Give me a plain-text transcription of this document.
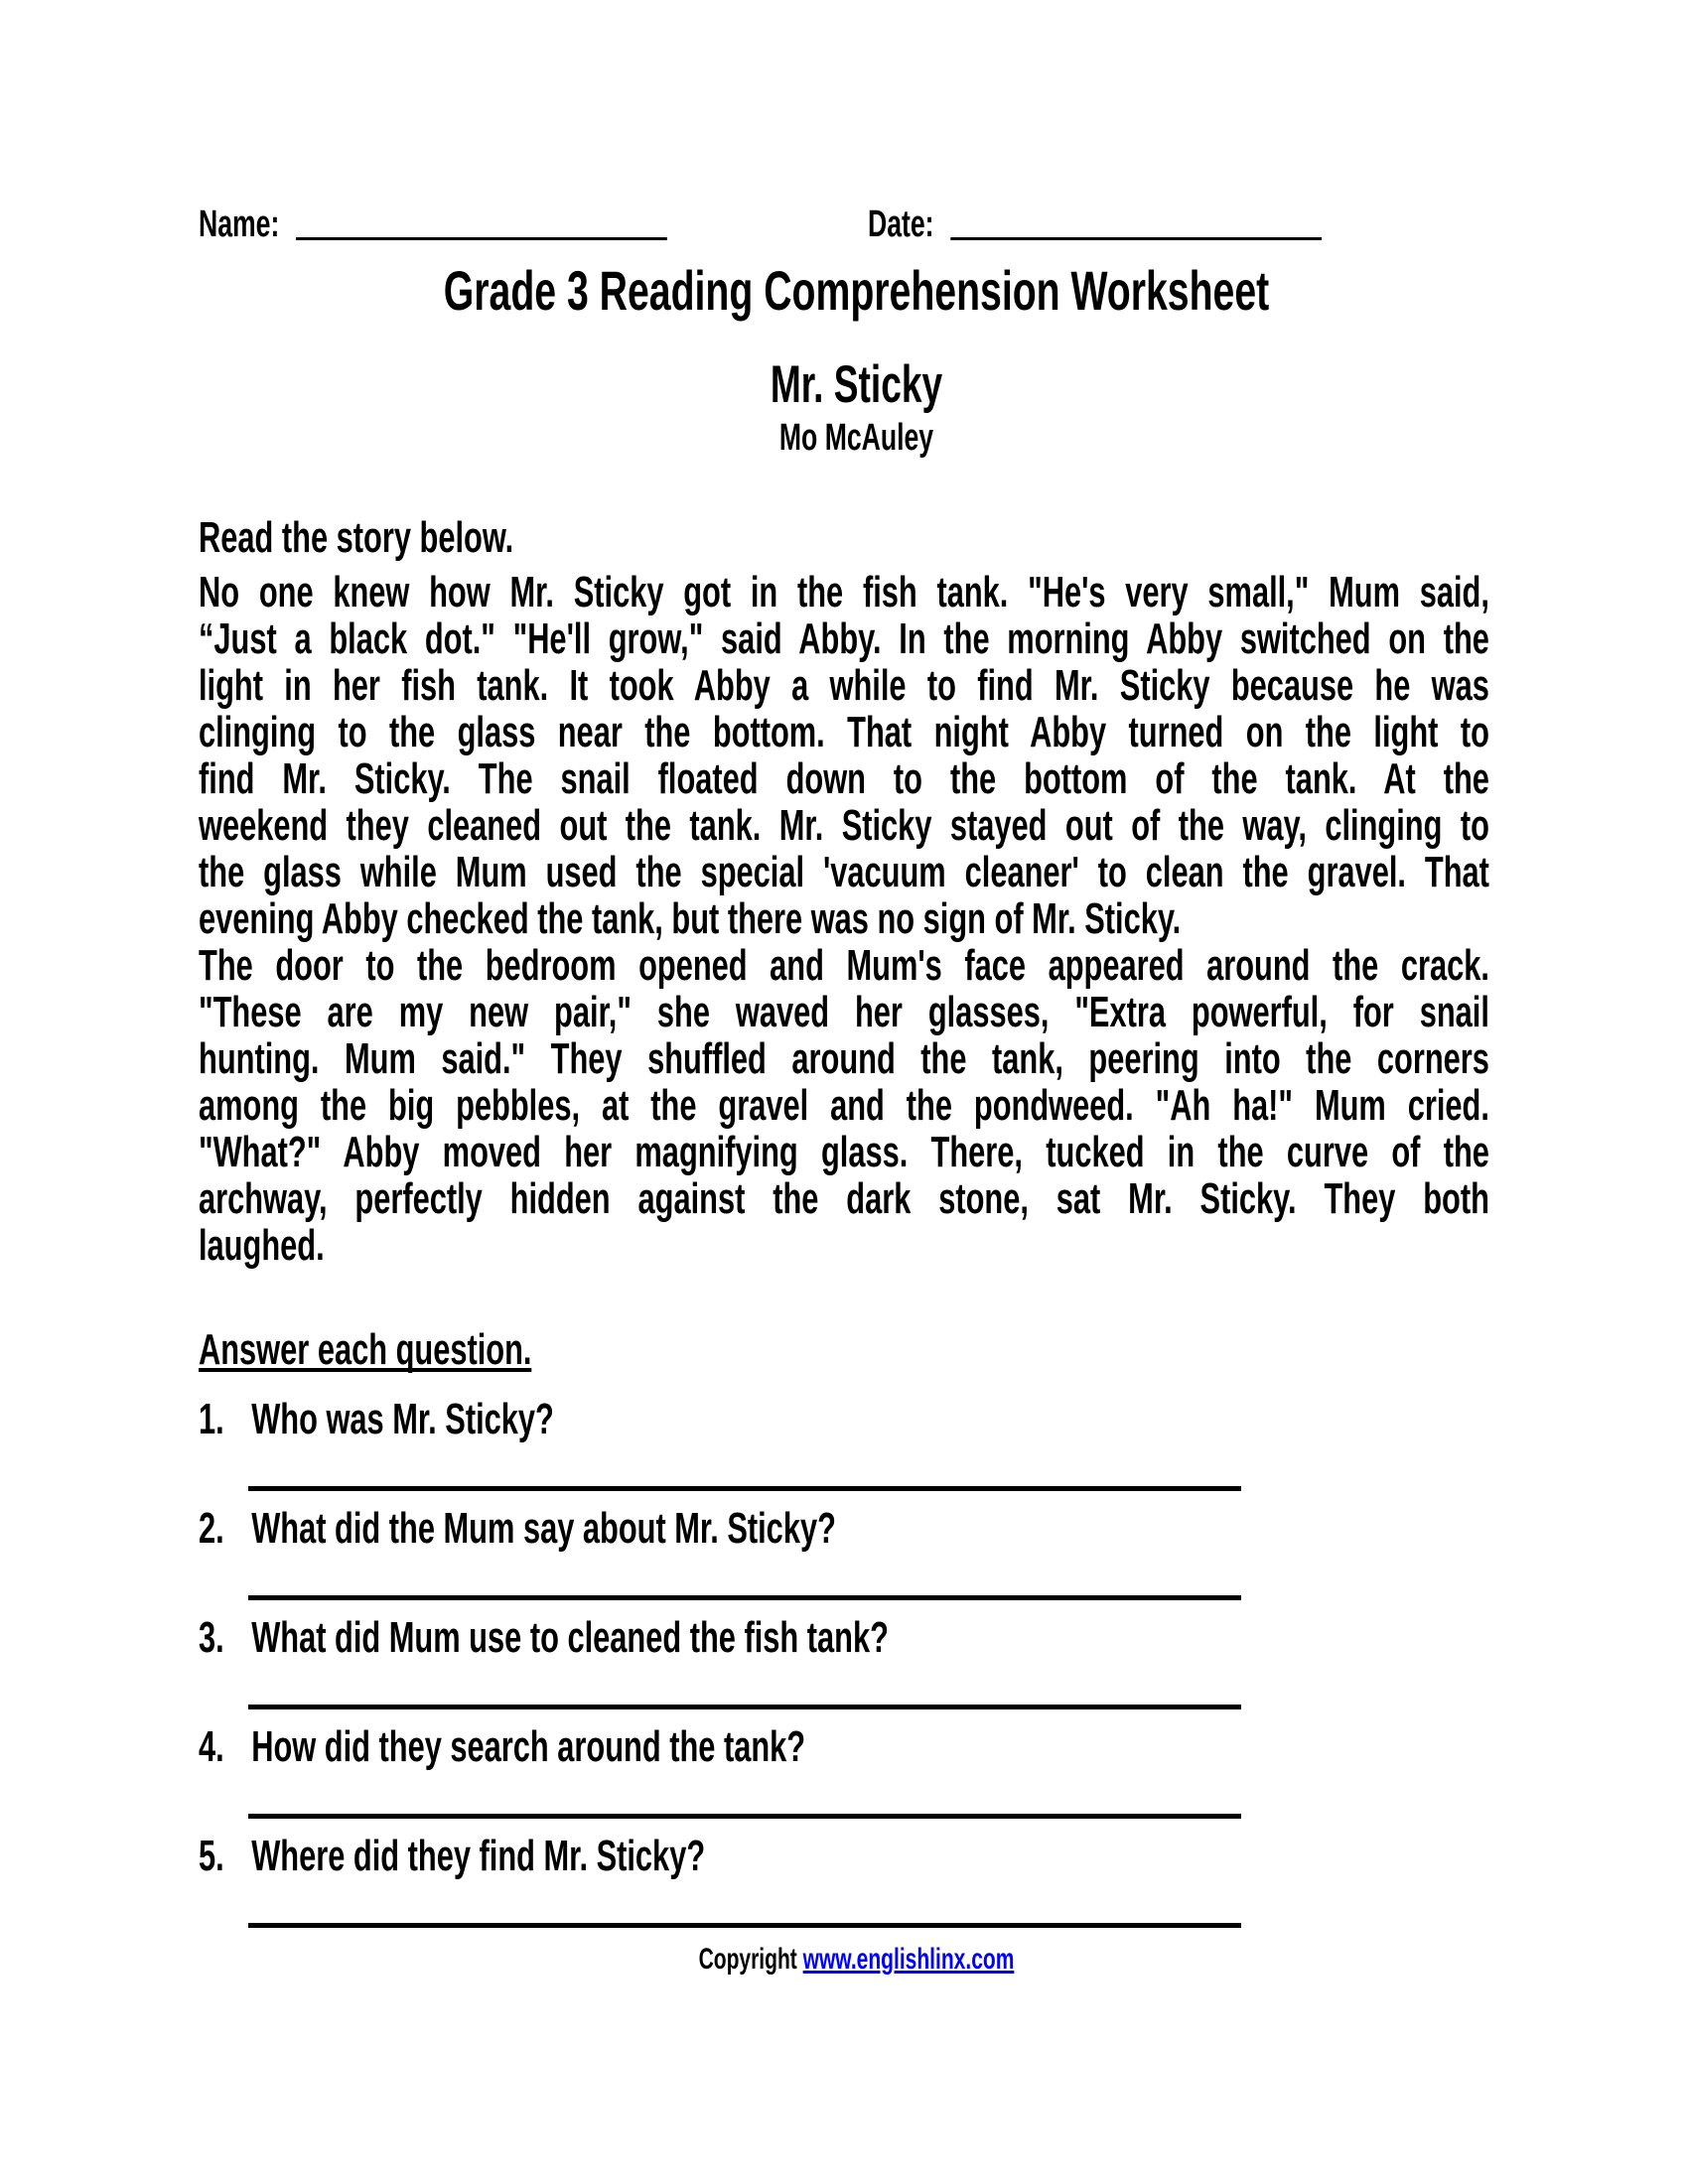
Name:	Date:
Grade 3 Reading Comprehension Worksheet
Mr. Sticky
Mo McAuley
Read the story below.
No one knew how Mr. Sticky got in the fish tank. "He's very small," Mum said,
“Just a black dot." "He'll grow," said Abby. In the morning Abby switched on the
light in her fish tank. It took Abby a while to find Mr. Sticky because he was
clinging to the glass near the bottom. That night Abby turned on the light to
find Mr. Sticky. The snail floated down to the bottom of the tank. At the
weekend they cleaned out the tank. Mr. Sticky stayed out of the way, clinging to
the glass while Mum used the special 'vacuum cleaner' to clean the gravel. That
evening Abby checked the tank, but there was no sign of Mr. Sticky.
The door to the bedroom opened and Mum's face appeared around the crack.
"These are my new pair," she waved her glasses, "Extra powerful, for snail
hunting. Mum said." They shuffled around the tank, peering into the corners
among the big pebbles, at the gravel and the pondweed. "Ah ha!" Mum cried.
"What?" Abby moved her magnifying glass. There, tucked in the curve of the
archway, perfectly hidden against the dark stone, sat Mr. Sticky. They both
laughed.
Answer each question.
1. Who was Mr. Sticky?
2. What did the Mum say about Mr. Sticky?
3. What did Mum use to cleaned the fish tank?
4. How did they search around the tank?
5. Where did they find Mr. Sticky?
Copyright www.englishlinx.com
